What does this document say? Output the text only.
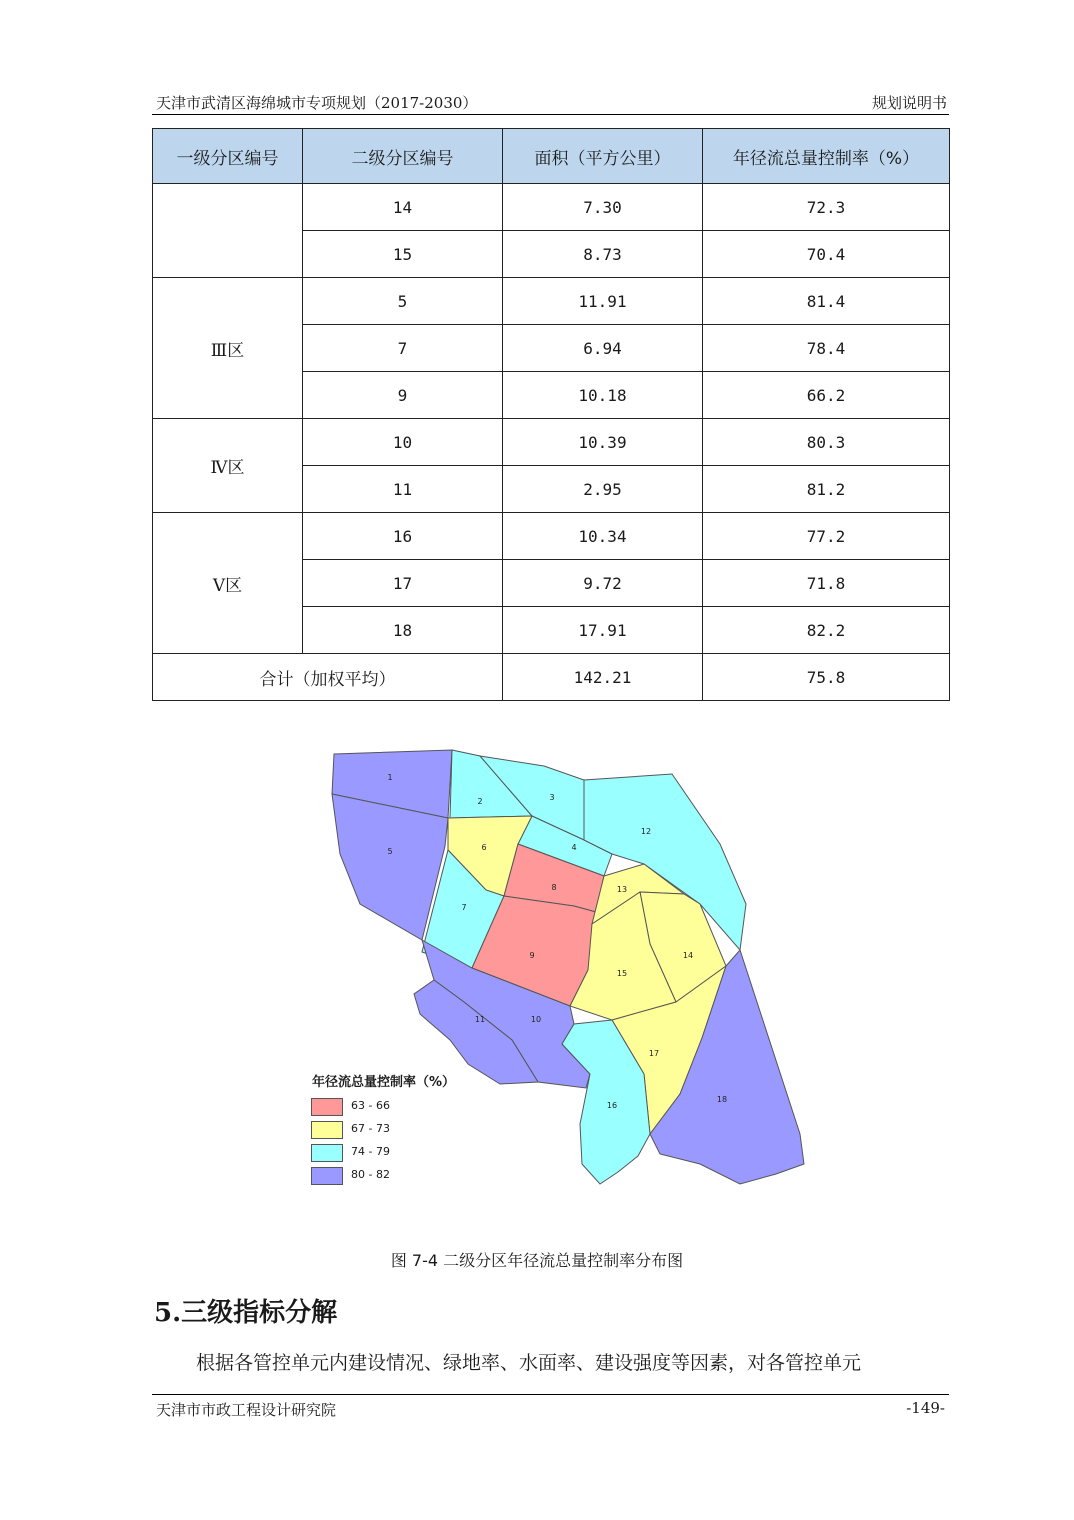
天津市武清区海绵城市专项规划（2017-2030）	规划说明书
一级分区编号	二级分区编号	面积（平方公里）	年径流总量控制率（%）
	14	7.30	72.3
	15	8.73	70.4
Ⅲ区	5	11.91	81.4
	7	6.94	78.4
	9	10.18	66.2
Ⅳ区	10	10.39	80.3
	11	2.95	81.2
Ⅴ区	16	10.34	77.2
	17	9.72	71.8
	18	17.91	82.2
合计（加权平均）		142.21	75.8
1
2	3
4
5	6
7
8
9
10
11
12
13
14
15
16
17
18
年径流总量控制率（%）
63 - 66
67 - 73
74 - 79
80 - 82
图 7-4 二级分区年径流总量控制率分布图
5.三级指标分解
根据各管控单元内建设情况、绿地率、水面率、建设强度等因素，对各管控单元
天津市市政工程设计研究院	-149-
